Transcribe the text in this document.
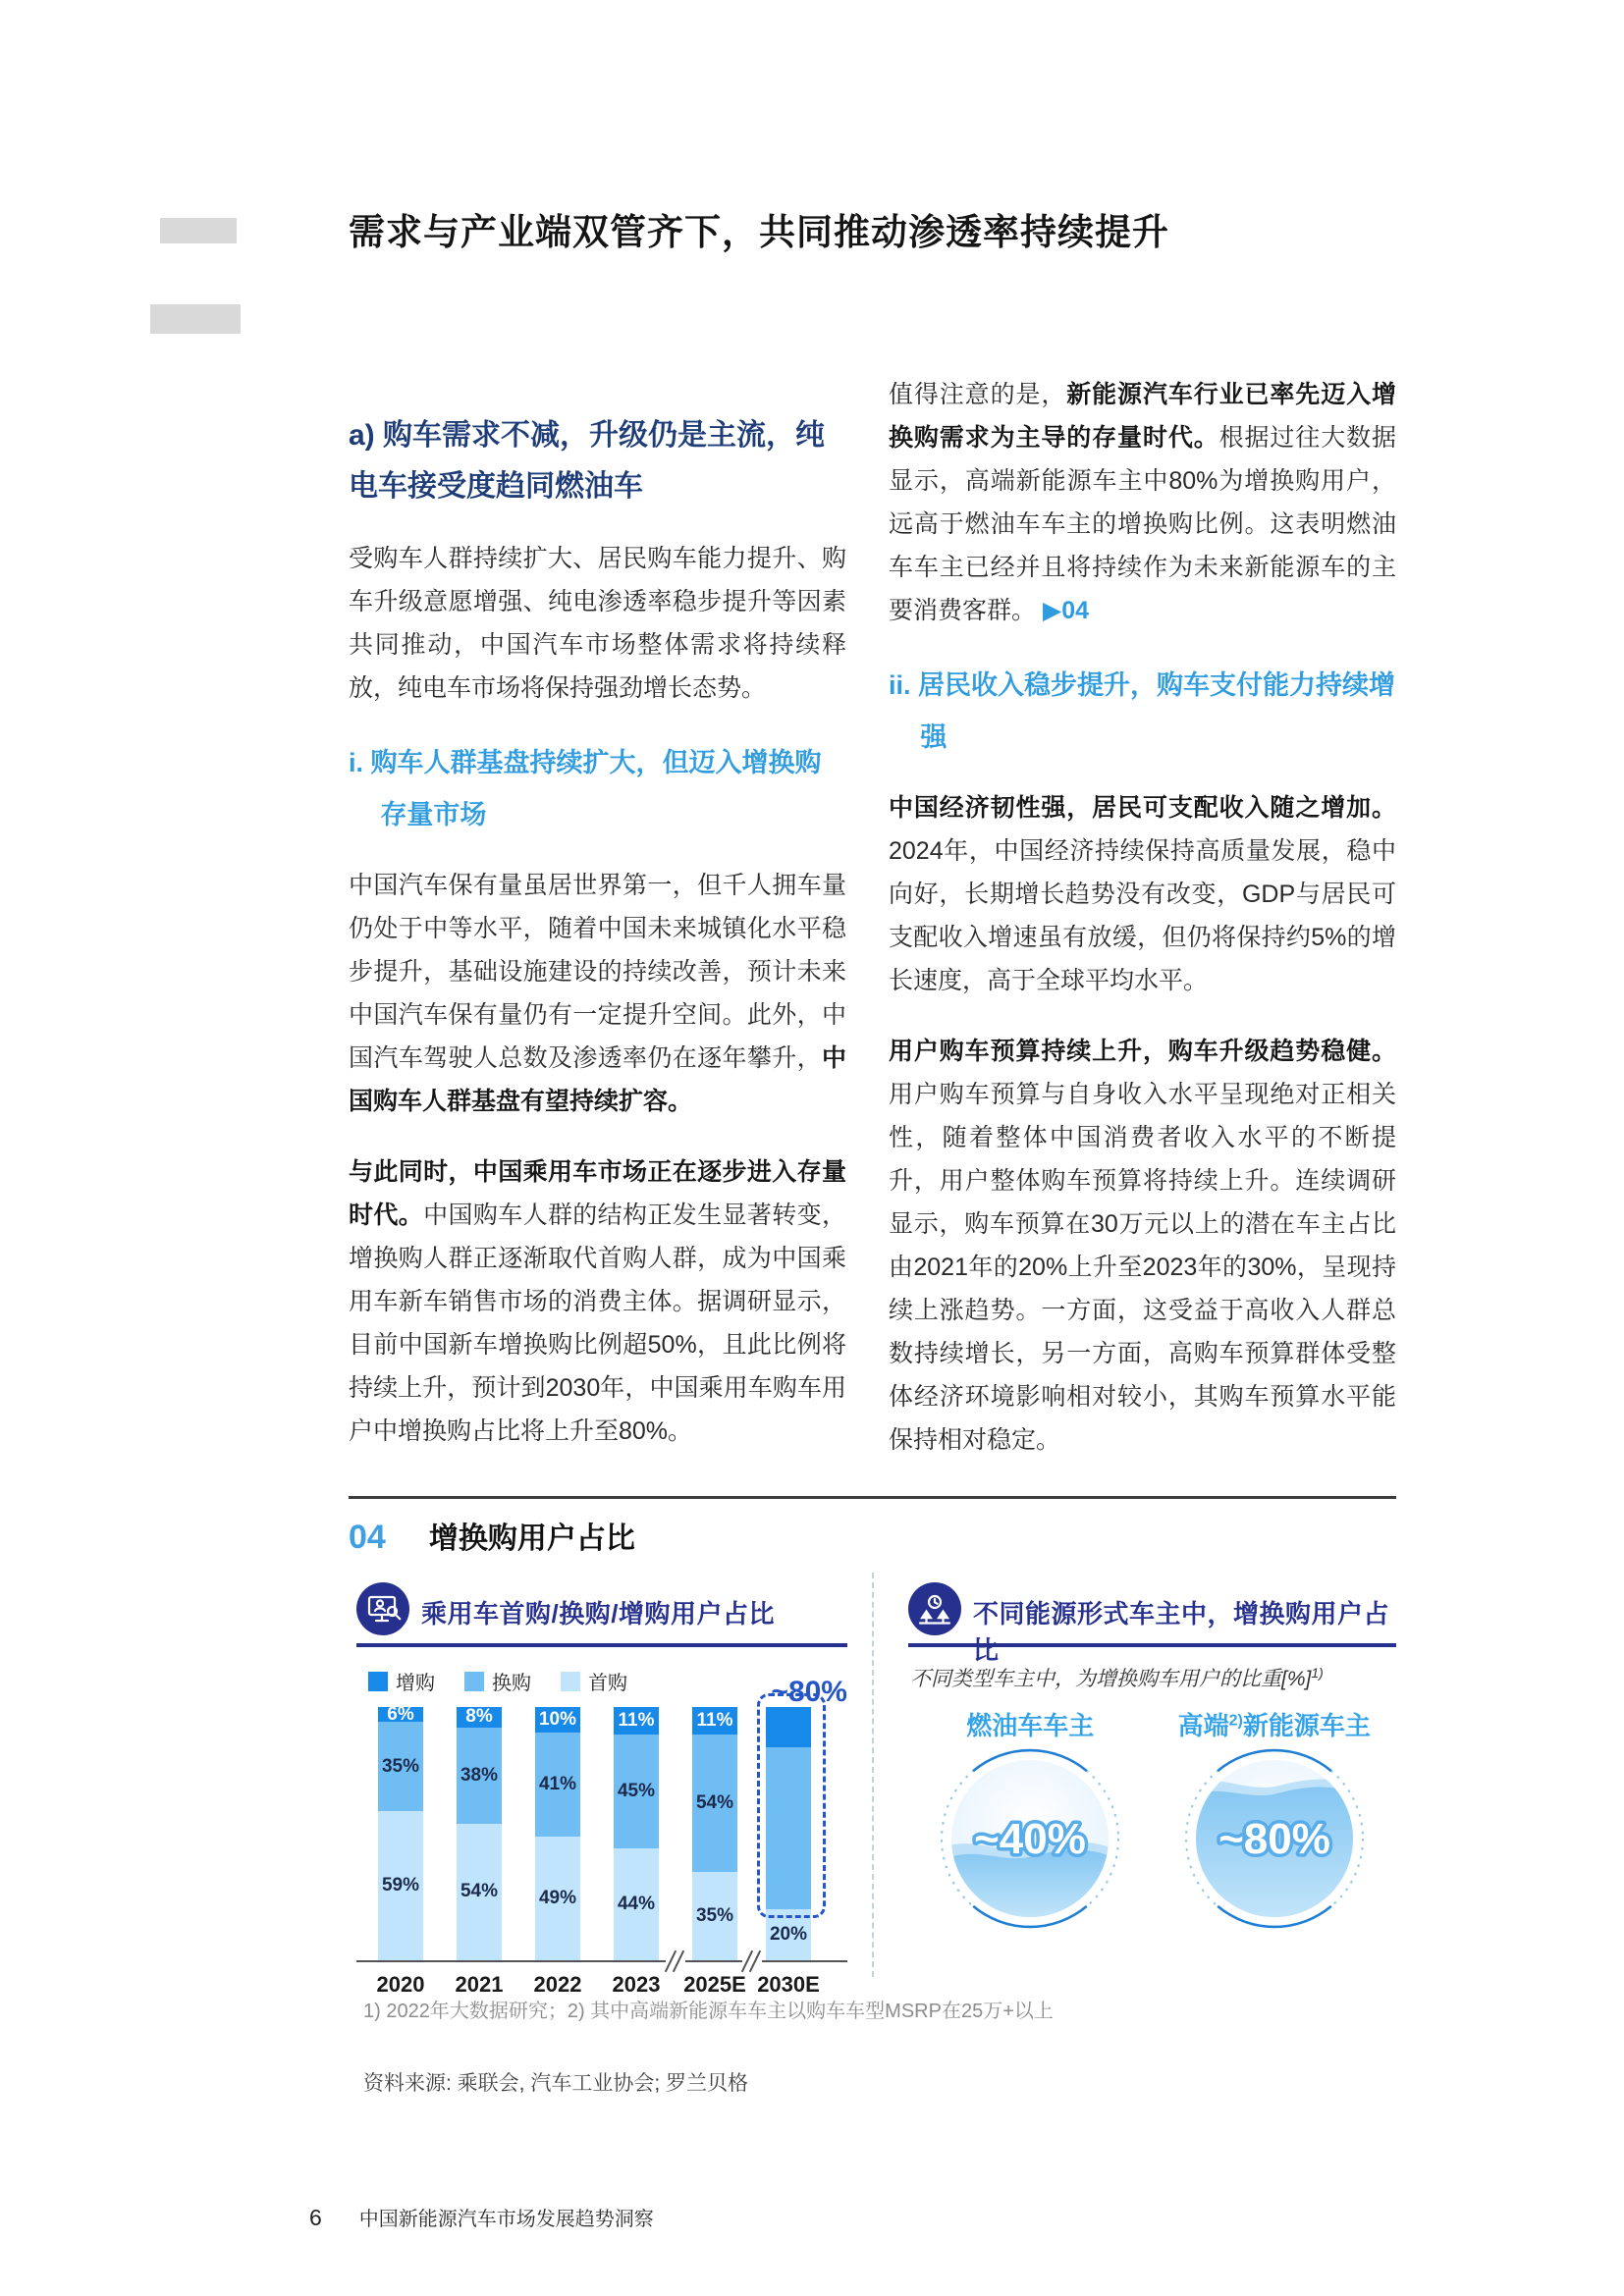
需求与产业端双管齐下，共同推动渗透率持续提升
a) 购车需求不减，升级仍是主流，纯电车接受度趋同燃油车

受购车人群持续扩大、居民购车能力提升、购车升级意愿增强、纯电渗透率稳步提升等因素共同推动，中国汽车市场整体需求将持续释放，纯电车市场将保持强劲增长态势。

i. 购车人群基盘持续扩大，但迈入增换购存量市场

中国汽车保有量虽居世界第一，但千人拥车量仍处于中等水平，随着中国未来城镇化水平稳步提升，基础设施建设的持续改善，预计未来中国汽车保有量仍有一定提升空间。此外，中国汽车驾驶人总数及渗透率仍在逐年攀升，中国购车人群基盘有望持续扩容。

与此同时，中国乘用车市场正在逐步进入存量时代。中国购车人群的结构正发生显著转变，增换购人群正逐渐取代首购人群，成为中国乘用车新车销售市场的消费主体。据调研显示，目前中国新车增换购比例超50%，且此比例将持续上升，预计到2030年，中国乘用车购车用户中增换购占比将上升至80%。

值得注意的是，新能源汽车行业已率先迈入增换购需求为主导的存量时代。根据过往大数据显示，高端新能源车主中80%为增换购用户，远高于燃油车车主的增换购比例。这表明燃油车车主已经并且将持续作为未来新能源车的主要消费客群。 ▶04

ii. 居民收入稳步提升，购车支付能力持续增强

中国经济韧性强，居民可支配收入随之增加。2024年，中国经济持续保持高质量发展，稳中向好，长期增长趋势没有改变，GDP与居民可支配收入增速虽有放缓，但仍将保持约5%的增长速度，高于全球平均水平。

用户购车预算持续上升，购车升级趋势稳健。用户购车预算与自身收入水平呈现绝对正相关性，随着整体中国消费者收入水平的不断提升，用户整体购车预算将持续上升。连续调研显示，购车预算在30万元以上的潜在车主占比由2021年的20%上升至2023年的30%，呈现持续上涨趋势。一方面，这受益于高收入人群总数持续增长，另一方面，高购车预算群体受整体经济环境影响相对较小，其购车预算水平能保持相对稳定。

04 增换购用户占比
乘用车首购/换购/增购用户占比
增购	换购	首购
59%
35%
6%
2020
54%
38%
8%
2021
49%
41%
10%
2022
44%
45%
11%
2023
35%
54%
11%
2025E
20%
2030E
~80%
不同能源形式车主中，增换购用户占比
不同类型车主中，为增换购车用户的比重[%]$^{1)}$
燃油车车主
~40%
高端$^{2)}$新能源车主
~80%
1) 2022年大数据研究；2) 其中高端新能源车车主以购车车型MSRP在25万+以上
资料来源: 乘联会, 汽车工业协会; 罗兰贝格
6 中国新能源汽车市场发展趋势洞察
